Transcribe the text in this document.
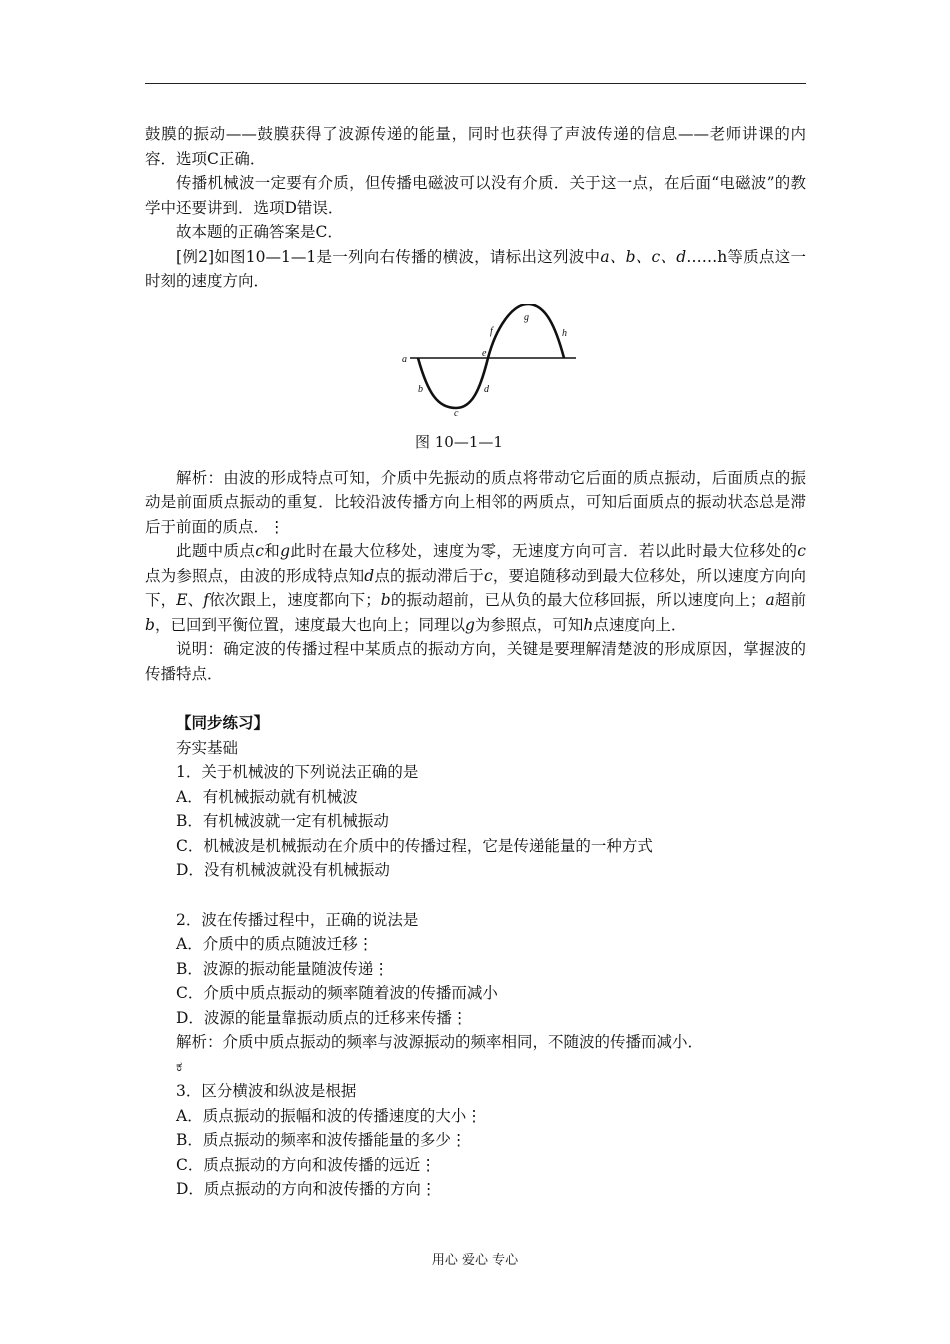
鼓膜的振动——鼓膜获得了波源传递的能量，同时也获得了声波传递的信息——老师讲课的内容．选项C正确．

传播机械波一定要有介质，但传播电磁波可以没有介质．关于这一点，在后面“电磁波”的教学中还要讲到．选项D错误．

故本题的正确答案是C．

[例2]如图10—1—1是一列向右传播的横波，请标出这列波中a、b、c、d……h等质点这一时刻的速度方向．

a
b
c
d
e
f
g
h
图 10—1—1

解析：由波的形成特点可知，介质中先振动的质点将带动它后面的质点振动，后面质点的振动是前面质点振动的重复．比较沿波传播方向上相邻的两质点，可知后面质点的振动状态总是滞后于前面的质点．⋮

此题中质点c和g此时在最大位移处，速度为零，无速度方向可言．若以此时最大位移处的c点为参照点，由波的形成特点知d点的振动滞后于c，要追随移动到最大位移处，所以速度方向向下，E、f依次跟上，速度都向下；b的振动超前，已从负的最大位移回振，所以速度向上；a超前b，已回到平衡位置，速度最大也向上；同理以g为参照点，可知h点速度向上．

说明：确定波的传播过程中某质点的振动方向，关键是要理解清楚波的形成原因，掌握波的传播特点．

【同步练习】

夯实基础

1．关于机械波的下列说法正确的是

A．有机械振动就有机械波

B．有机械波就一定有机械振动

C．机械波是机械振动在介质中的传播过程，它是传递能量的一种方式

D．没有机械波就没有机械振动

2．波在传播过程中，正确的说法是

A．介质中的质点随波迁移⋮

B．波源的振动能量随波传递⋮

C．介质中质点振动的频率随着波的传播而减小

D．波源的能量靠振动质点的迁移来传播⋮

解析：介质中质点振动的频率与波源振动的频率相同，不随波的传播而减小．

ಕ

3．区分横波和纵波是根据

A．质点振动的振幅和波的传播速度的大小⋮

B．质点振动的频率和波传播能量的多少⋮

C．质点振动的方向和波传播的远近⋮

D．质点振动的方向和波传播的方向⋮

用心 爱心 专心
